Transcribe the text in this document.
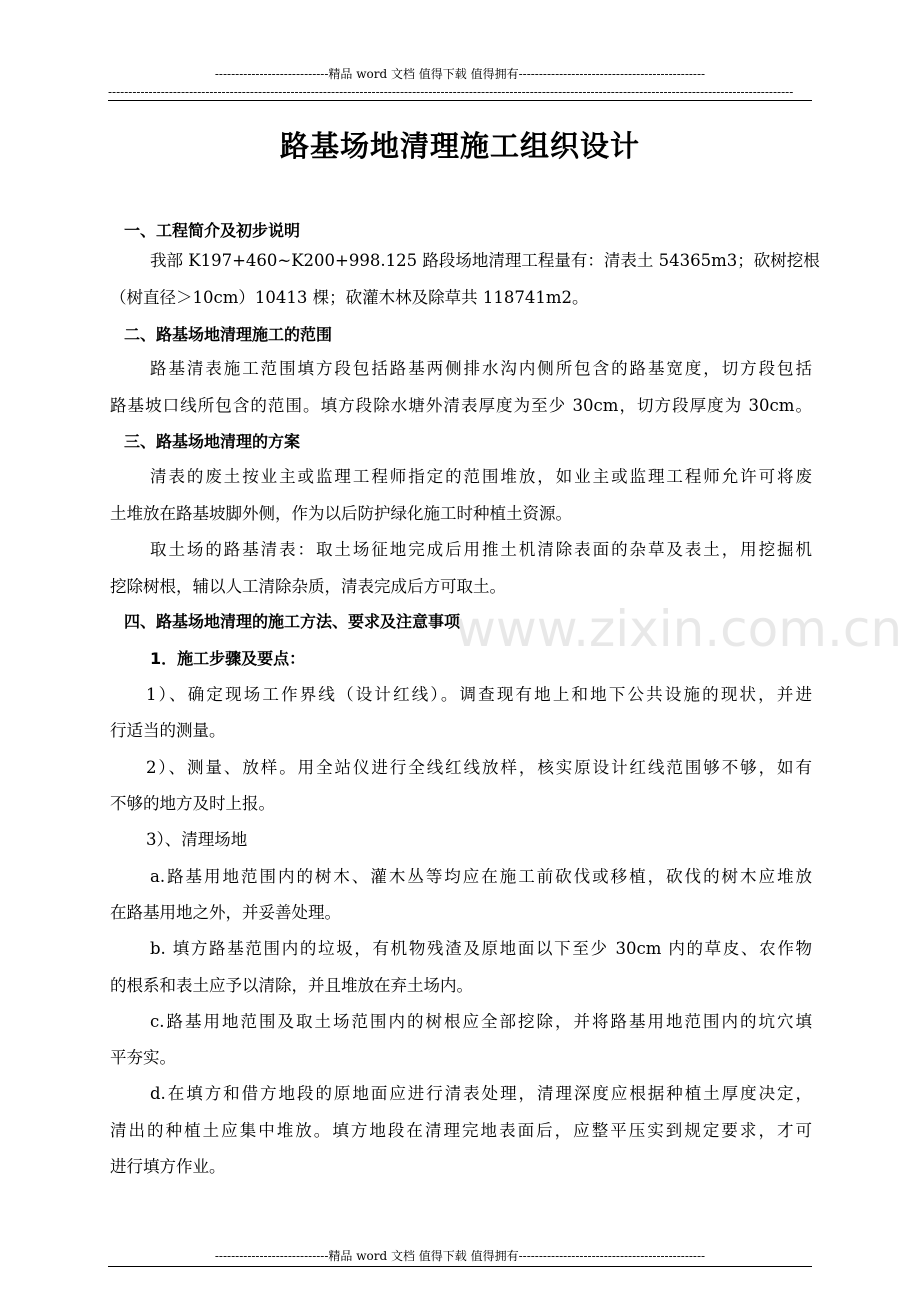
----------------------------精品 word 文档 值得下载 值得拥有----------------------------------------------
-------------------------------------------------------------------------------------------------------------------------------------------------------------------------
路基场地清理施工组织设计
www.zixin.com.cn
一、工程简介及初步说明
我部 K197+460~K200+998.125 路段场地清理工程量有：清表土 54365m3；砍树挖根
（树直径＞10cm）10413 棵；砍灌木林及除草共 118741m2。
二、路基场地清理施工的范围
路基清表施工范围填方段包括路基两侧排水沟内侧所包含的路基宽度，切方段包括
路基坡口线所包含的范围。填方段除水塘外清表厚度为至少 30cm，切方段厚度为 30cm。
三、路基场地清理的方案
清表的废土按业主或监理工程师指定的范围堆放，如业主或监理工程师允许可将废
土堆放在路基坡脚外侧，作为以后防护绿化施工时种植土资源。
取土场的路基清表：取土场征地完成后用推土机清除表面的杂草及表土，用挖掘机
挖除树根，辅以人工清除杂质，清表完成后方可取土。
四、路基场地清理的施工方法、要求及注意事项
1．施工步骤及要点：
1）、确定现场工作界线（设计红线）。调查现有地上和地下公共设施的现状，并进
行适当的测量。
2）、测量、放样。用全站仪进行全线红线放样，核实原设计红线范围够不够，如有
不够的地方及时上报。
3）、清理场地
a.路基用地范围内的树木、灌木丛等均应在施工前砍伐或移植，砍伐的树木应堆放
在路基用地之外，并妥善处理。
b. 填方路基范围内的垃圾，有机物残渣及原地面以下至少 30cm 内的草皮、农作物
的根系和表土应予以清除，并且堆放在弃土场内。
c.路基用地范围及取土场范围内的树根应全部挖除，并将路基用地范围内的坑穴填
平夯实。
d.在填方和借方地段的原地面应进行清表处理，清理深度应根据种植土厚度决定，
清出的种植土应集中堆放。填方地段在清理完地表面后，应整平压实到规定要求，才可
进行填方作业。
----------------------------精品 word 文档 值得下载 值得拥有----------------------------------------------
